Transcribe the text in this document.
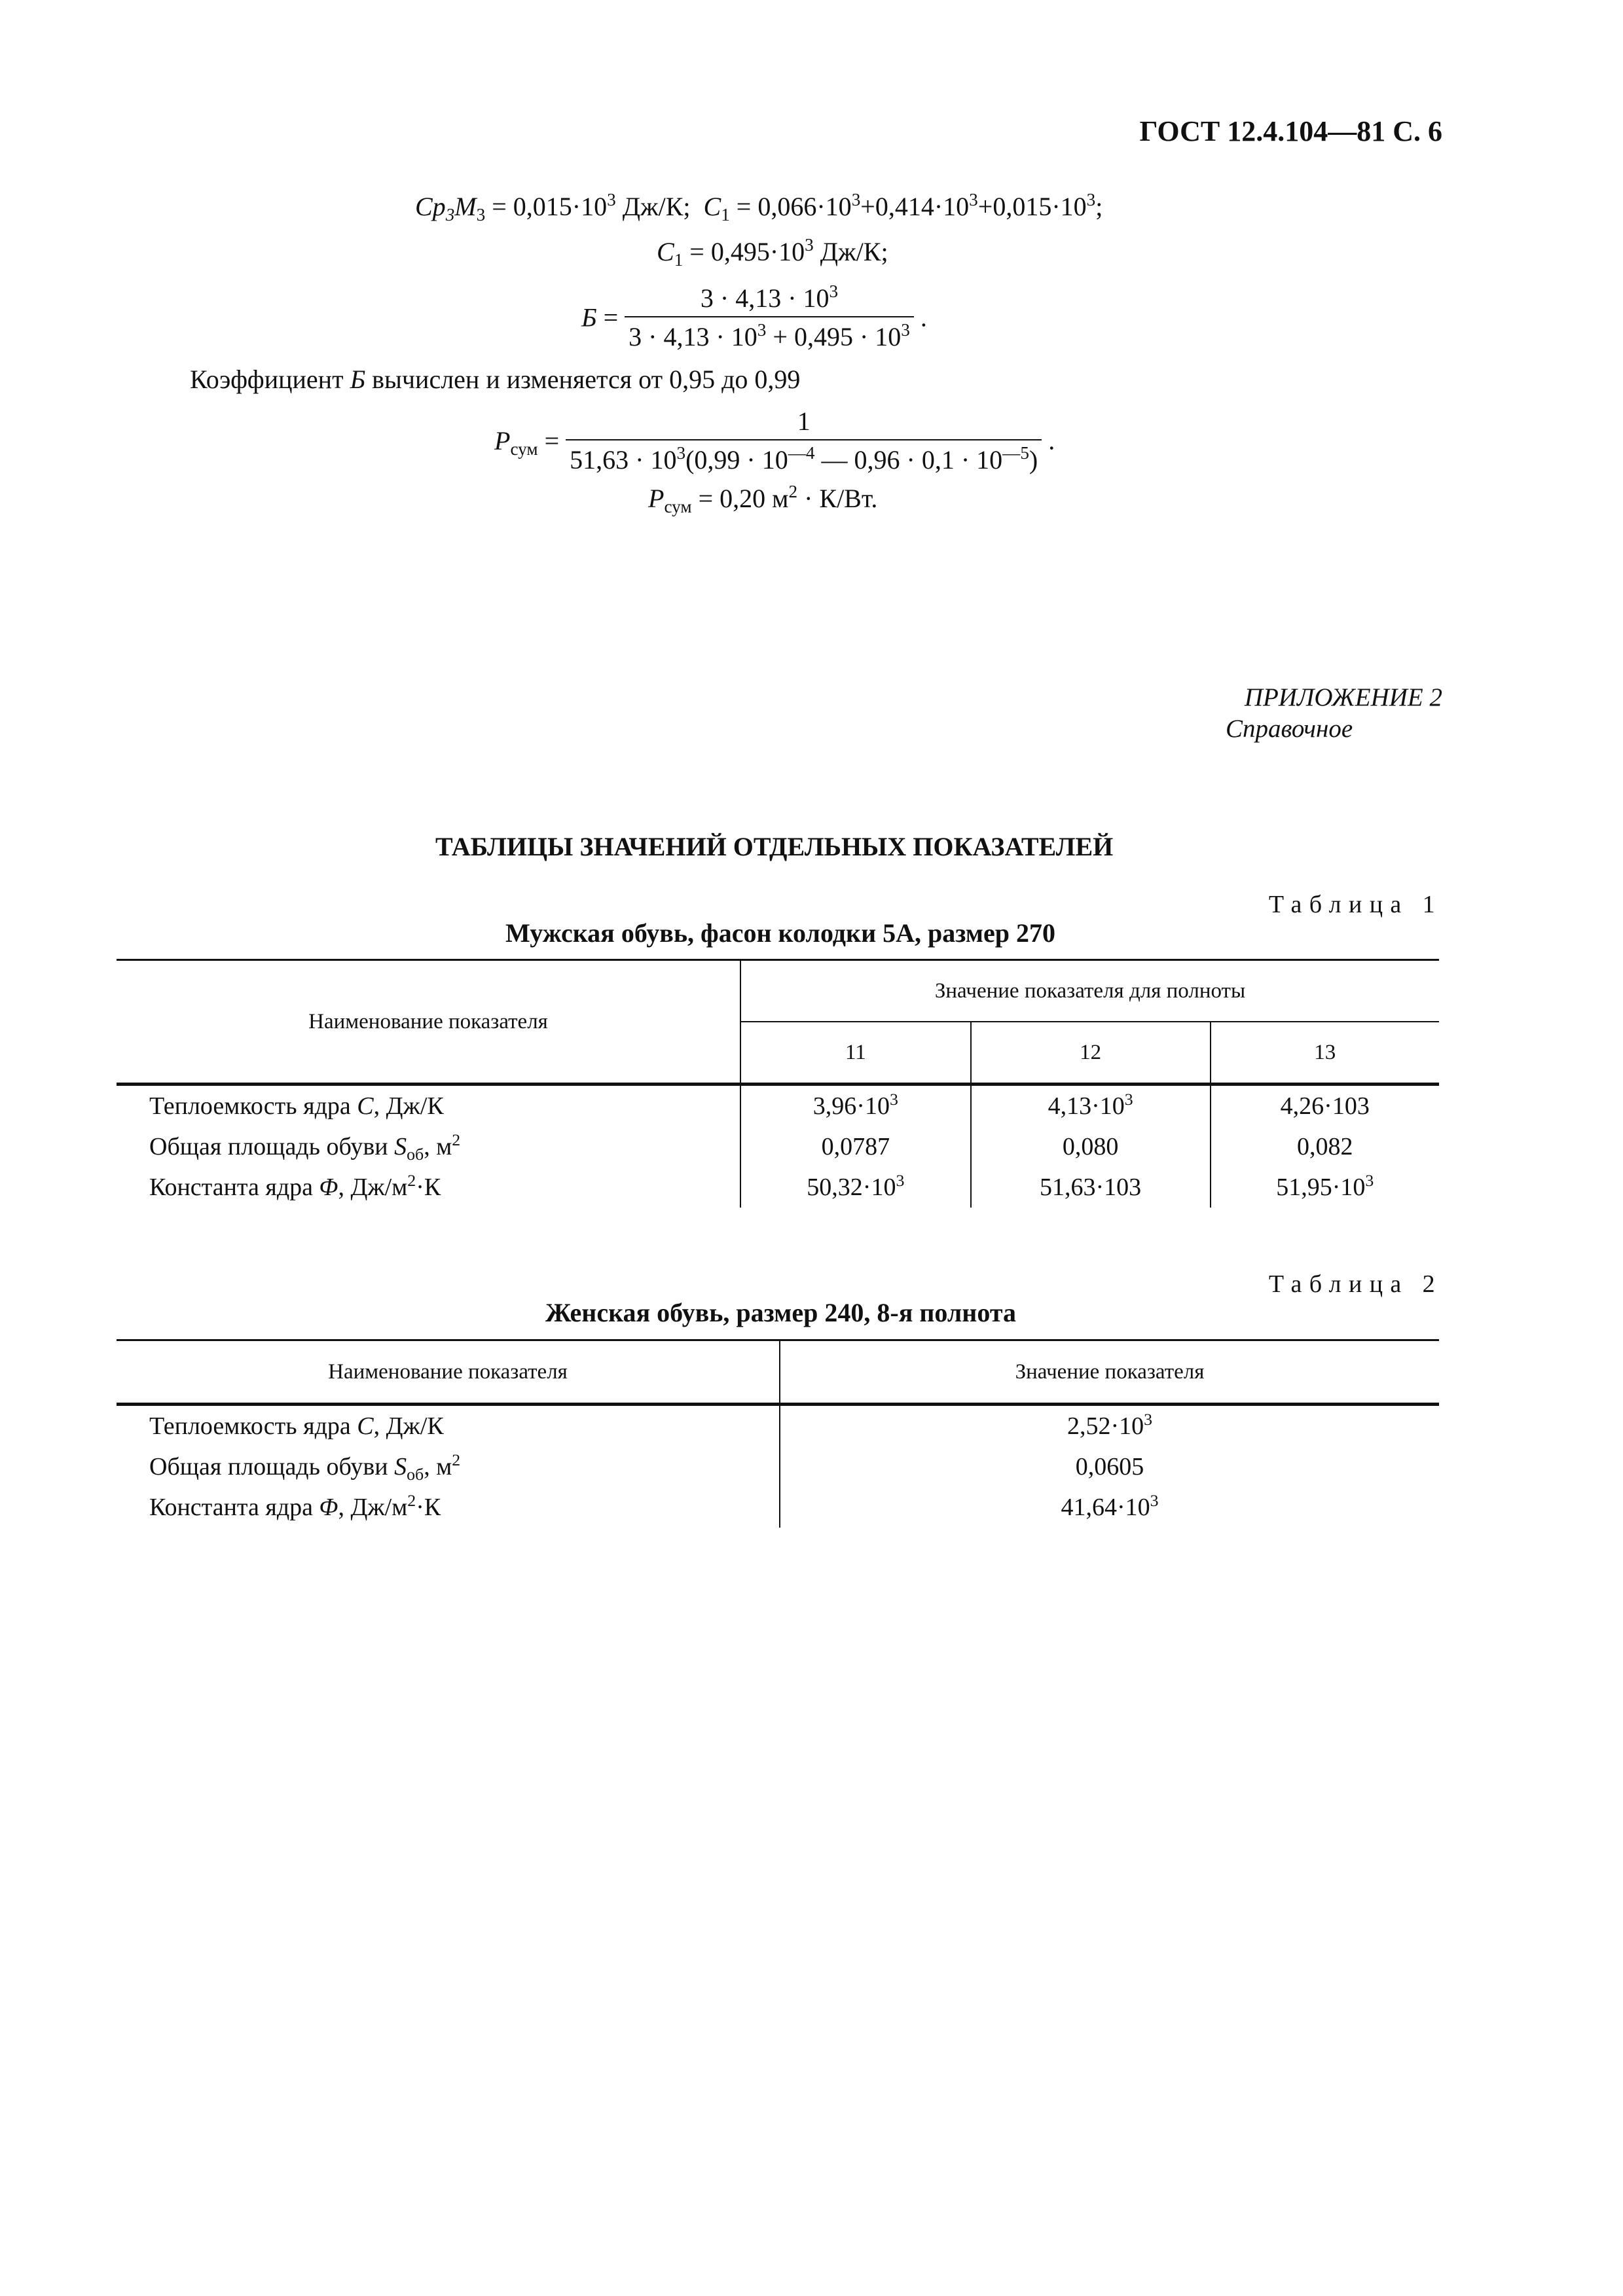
ГОСТ 12.4.104—81 С. 6
$Cp_3M_3 = 0,015\cdot 10^3$ Дж/К; $C_1 = 0,066\cdot 10^3+0,414\cdot 10^3+0,015\cdot 10^3$;
$C_1 = 0,495\cdot 10^3$ Дж/К;
$Б = \frac{3 \cdot 4,13 \cdot 10^3}{3 \cdot 4,13 \cdot 10^3 + 0,495 \cdot 10^3}$ .
Коэффициент Б вычислен и изменяется от 0,95 до 0,99
$P_{сум} = \frac{1}{51,63 \cdot 10^3(0,99 \cdot 10^{—4} — 0,96 \cdot 0,1 \cdot 10^{—5})}$ .
$P_{сум} = 0,20$ $м^2 \cdot К/Вт$.
ПРИЛОЖЕНИЕ 2
Справочное
ТАБЛИЦЫ ЗНАЧЕНИЙ ОТДЕЛЬНЫХ ПОКАЗАТЕЛЕЙ
Таблица 1
Мужская обувь, фасон колодки 5А, размер 270
Наименование показателя	Значение показателя для полноты		
	11	12	13
Теплоемкость ядра С, Дж/К	$3,96\cdot 10^3$	$4,13\cdot 10^3$	4,26·103
Общая площадь обуви $S_{об}$, $м^2$	0,0787	0,080	0,082
Константа ядра Φ, $Дж/м^2\cdot К$	$50,32\cdot 10^3$	51,63·103	$51,95\cdot 10^3$
Таблица 2
Женская обувь, размер 240, 8-я полнота
Наименование показателя	Значение показателя
Теплоемкость ядра С, Дж/К	$2,52\cdot 10^3$
Общая площадь обуви $S_{об}$, $м^2$	0,0605
Константа ядра Φ, $Дж/м^2\cdot К$	$41,64\cdot 10^3$
